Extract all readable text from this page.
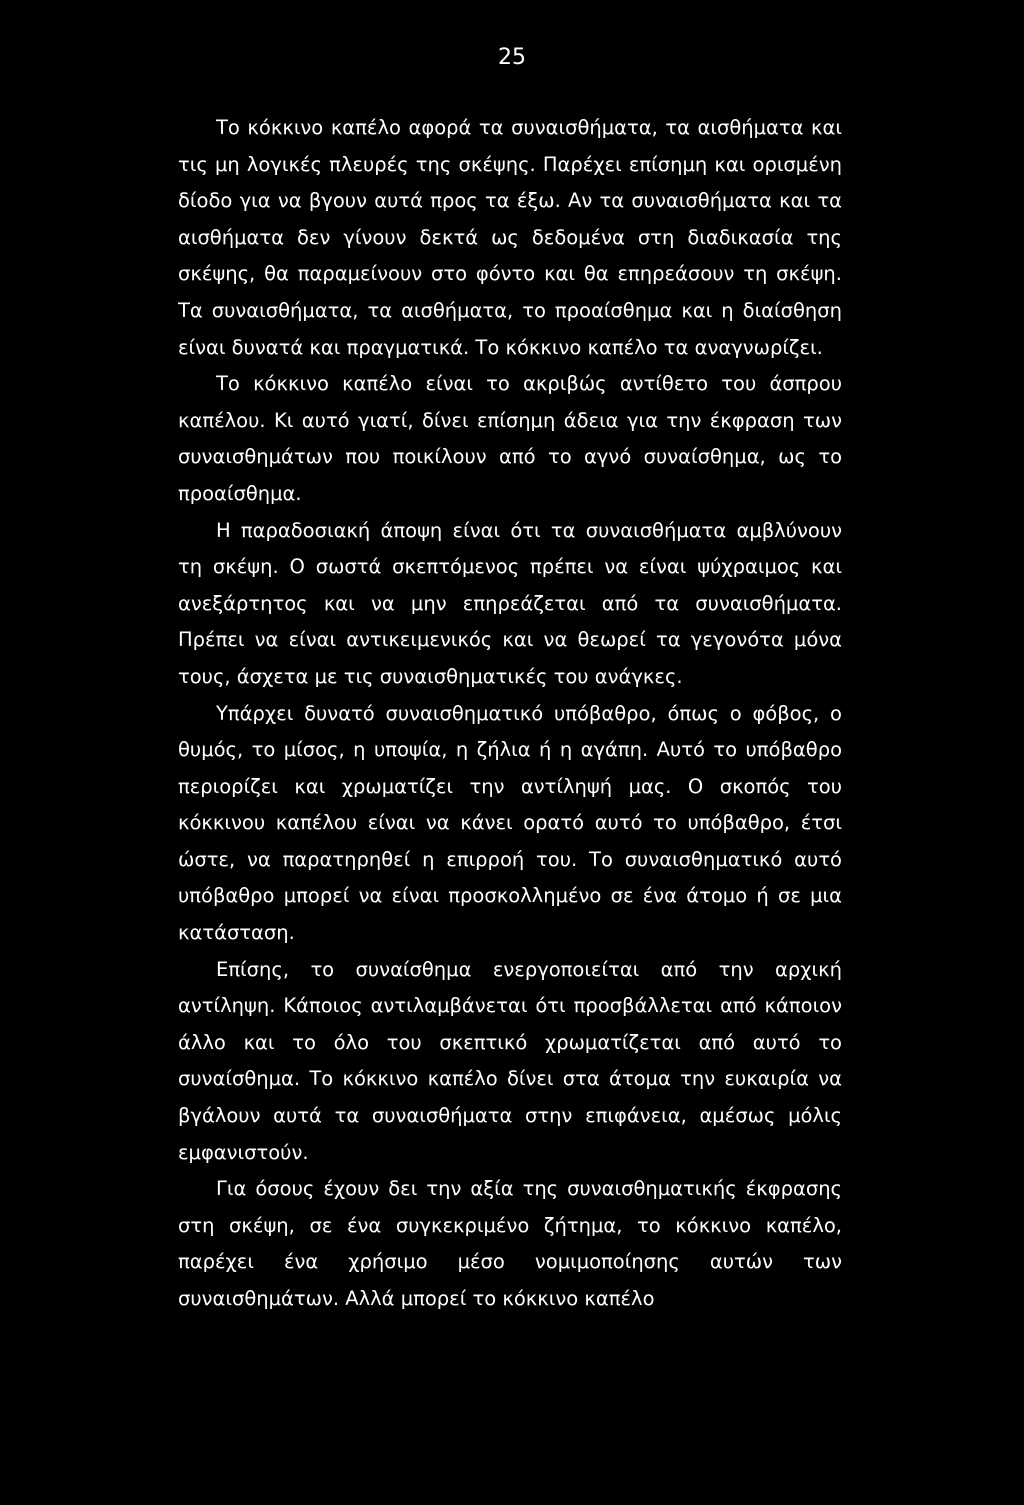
25

Το κόκκινο καπέλο αφορά τα συναισθήματα, τα αισθήματα και τις μη λογικές πλευρές της σκέψης. Παρέχει επίσημη και ορισμένη δίοδο για να βγουν αυτά προς τα έξω. Αν τα συναισθήματα και τα αισθήματα δεν γίνουν δεκτά ως δεδομένα στη διαδικασία της σκέψης, θα παραμείνουν στο φόντο και θα επηρεάσουν τη σκέψη. Τα συναισθήματα, τα αισθήματα, το προαίσθημα και η διαίσθηση είναι δυνατά και πραγματικά. Το κόκκινο καπέλο τα αναγνωρίζει.

Το κόκκινο καπέλο είναι το ακριβώς αντίθετο του άσπρου καπέλου. Κι αυτό γιατί, δίνει επίσημη άδεια για την έκφραση των συναισθημάτων που ποικίλουν από το αγνό συναίσθημα, ως το προαίσθημα.

Η παραδοσιακή άποψη είναι ότι τα συναισθήματα αμβλύνουν τη σκέψη. Ο σωστά σκεπτόμενος πρέπει να είναι ψύχραιμος και ανεξάρτητος και να μην επηρεάζεται από τα συναισθήματα. Πρέπει να είναι αντικειμενικός και να θεωρεί τα γεγονότα μόνα τους, άσχετα με τις συναισθηματικές του ανάγκες.

Υπάρχει δυνατό συναισθηματικό υπόβαθρο, όπως ο φόβος, ο θυμός, το μίσος, η υποψία, η ζήλια ή η αγάπη. Αυτό το υπόβαθρο περιορίζει και χρωματίζει την αντίληψή μας. Ο σκοπός του κόκκινου καπέλου είναι να κάνει ορατό αυτό το υπόβαθρο, έτσι ώστε, να παρατηρηθεί η επιρροή του. Το συναισθηματικό αυτό υπόβαθρο μπορεί να είναι προσκολλημένο σε ένα άτομο ή σε μια κατάσταση.

Επίσης, το συναίσθημα ενεργοποιείται από την αρχική αντίληψη. Κάποιος αντιλαμβάνεται ότι προσβάλλεται από κάποιον άλλο και το όλο του σκεπτικό χρωματίζεται από αυτό το συναίσθημα. Το κόκκινο καπέλο δίνει στα άτομα την ευκαιρία να βγάλουν αυτά τα συναισθήματα στην επιφάνεια, αμέσως μόλις εμφανιστούν.

Για όσους έχουν δει την αξία της συναισθηματικής έκφρασης στη σκέψη, σε ένα συγκεκριμένο ζήτημα, το κόκκινο καπέλο, παρέχει ένα χρήσιμο μέσο νομιμοποίησης αυτών των συναισθημάτων. Αλλά μπορεί το κόκκινο καπέλο
